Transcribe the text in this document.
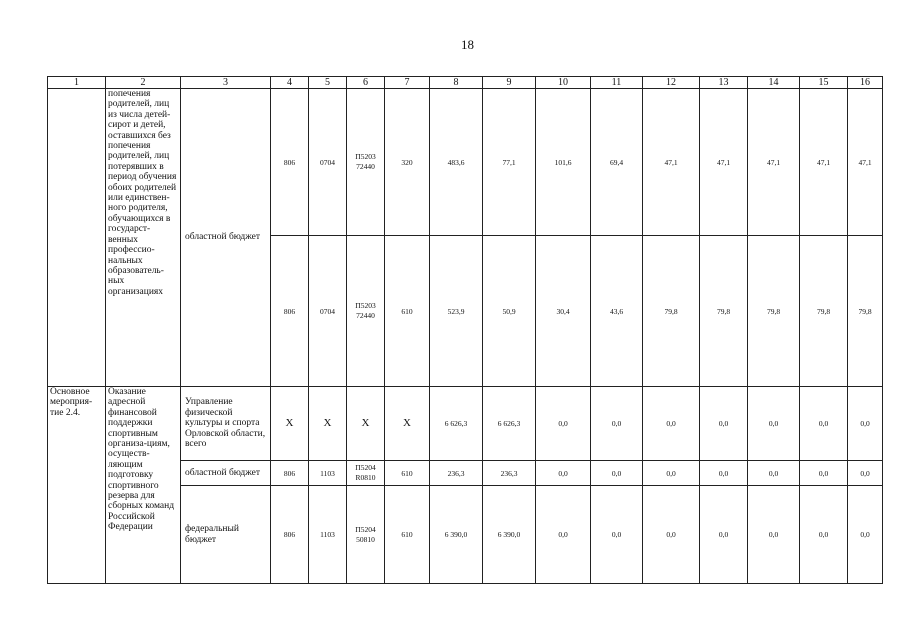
18
1	2	3	4	5	6	7	8	9	10	11	12	13	14	15	16
	попечения родителей, лиц из числа детей-сирот и детей, оставшихся без попечения родителей, лиц потерявших в период обучения обоих родителей или единствен-ного родителя, обучающихся в государст-венных профессио-нальных образователь-ных организациях	областной бюджет	806	0704	П5203 72440	320	483,6	77,1	101,6	69,4	47,1	47,1	47,1	47,1	47,1
			806	0704	П5203 72440	610	523,9	50,9	30,4	43,6	79,8	79,8	79,8	79,8	79,8
Основное мероприя-тие 2.4.	Оказание адресной финансовой поддержки спортивным организа-циям, осуществ-ляющим подготовку спортивного резерва для сборных команд Российской Федерации	Управление физической культуры и спорта Орловской области, всего	Х	Х	Х	Х	6 626,3	6 626,3	0,0	0,0	0,0	0,0	0,0	0,0	0,0
		областной бюджет	806	1103	П5204 R0810	610	236,3	236,3	0,0	0,0	0,0	0,0	0,0	0,0	0,0
		федеральный бюджет	806	1103	П5204 50810	610	6 390,0	6 390,0	0,0	0,0	0,0	0,0	0,0	0,0	0,0
